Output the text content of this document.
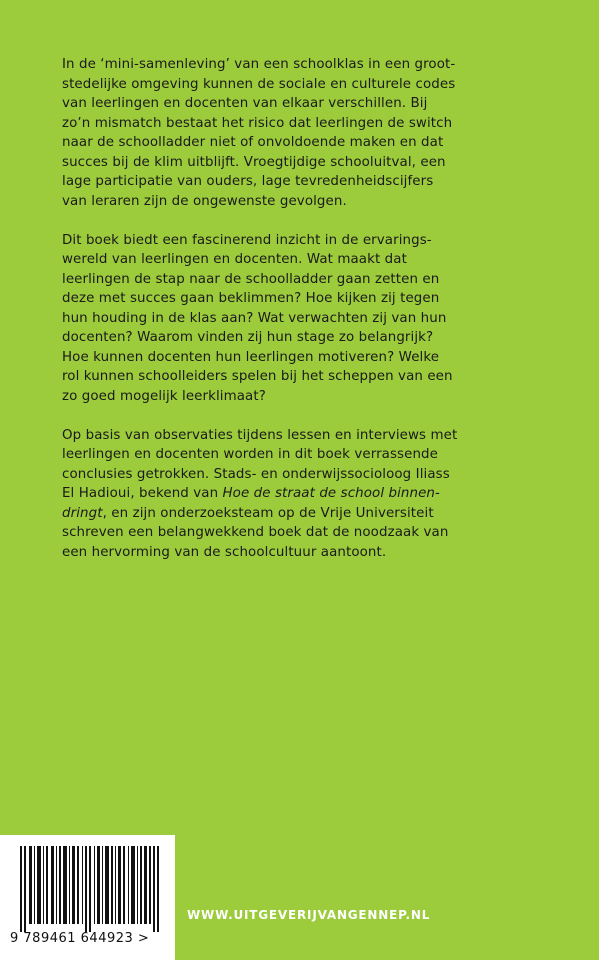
In de ‘mini-samenleving’ van een schoolklas in een groot-
stedelijke omgeving kunnen de sociale en culturele codes
van leerlingen en docenten van elkaar verschillen. Bij
zo’n mismatch bestaat het risico dat leerlingen de switch
naar de schoolladder niet of onvoldoende maken en dat
succes bij de klim uitblijft. Vroegtijdige schooluitval, een
lage participatie van ouders, lage tevredenheidscijfers
van leraren zijn de ongewenste gevolgen.
Dit boek biedt een fascinerend inzicht in de ervarings-
wereld van leerlingen en docenten. Wat maakt dat
leerlingen de stap naar de schoolladder gaan zetten en
deze met succes gaan beklimmen? Hoe kijken zij tegen
hun houding in de klas aan? Wat verwachten zij van hun
docenten? Waarom vinden zij hun stage zo belangrijk?
Hoe kunnen docenten hun leerlingen motiveren? Welke
rol kunnen schoolleiders spelen bij het scheppen van een
zo goed mogelijk leerklimaat?
Op basis van observaties tijdens lessen en interviews met
leerlingen en docenten worden in dit boek verrassende
conclusies getrokken. Stads- en onderwijssocioloog Iliass
El Hadioui, bekend van Hoe de straat de school binnen-
dringt, en zijn onderzoeksteam op de Vrije Universiteit
schreven een belangwekkend boek dat de noodzaak van
een hervorming van de schoolcultuur aantoont.
9 789461 644923 >
WWW.UITGEVERIJVANGENNEP.NL
